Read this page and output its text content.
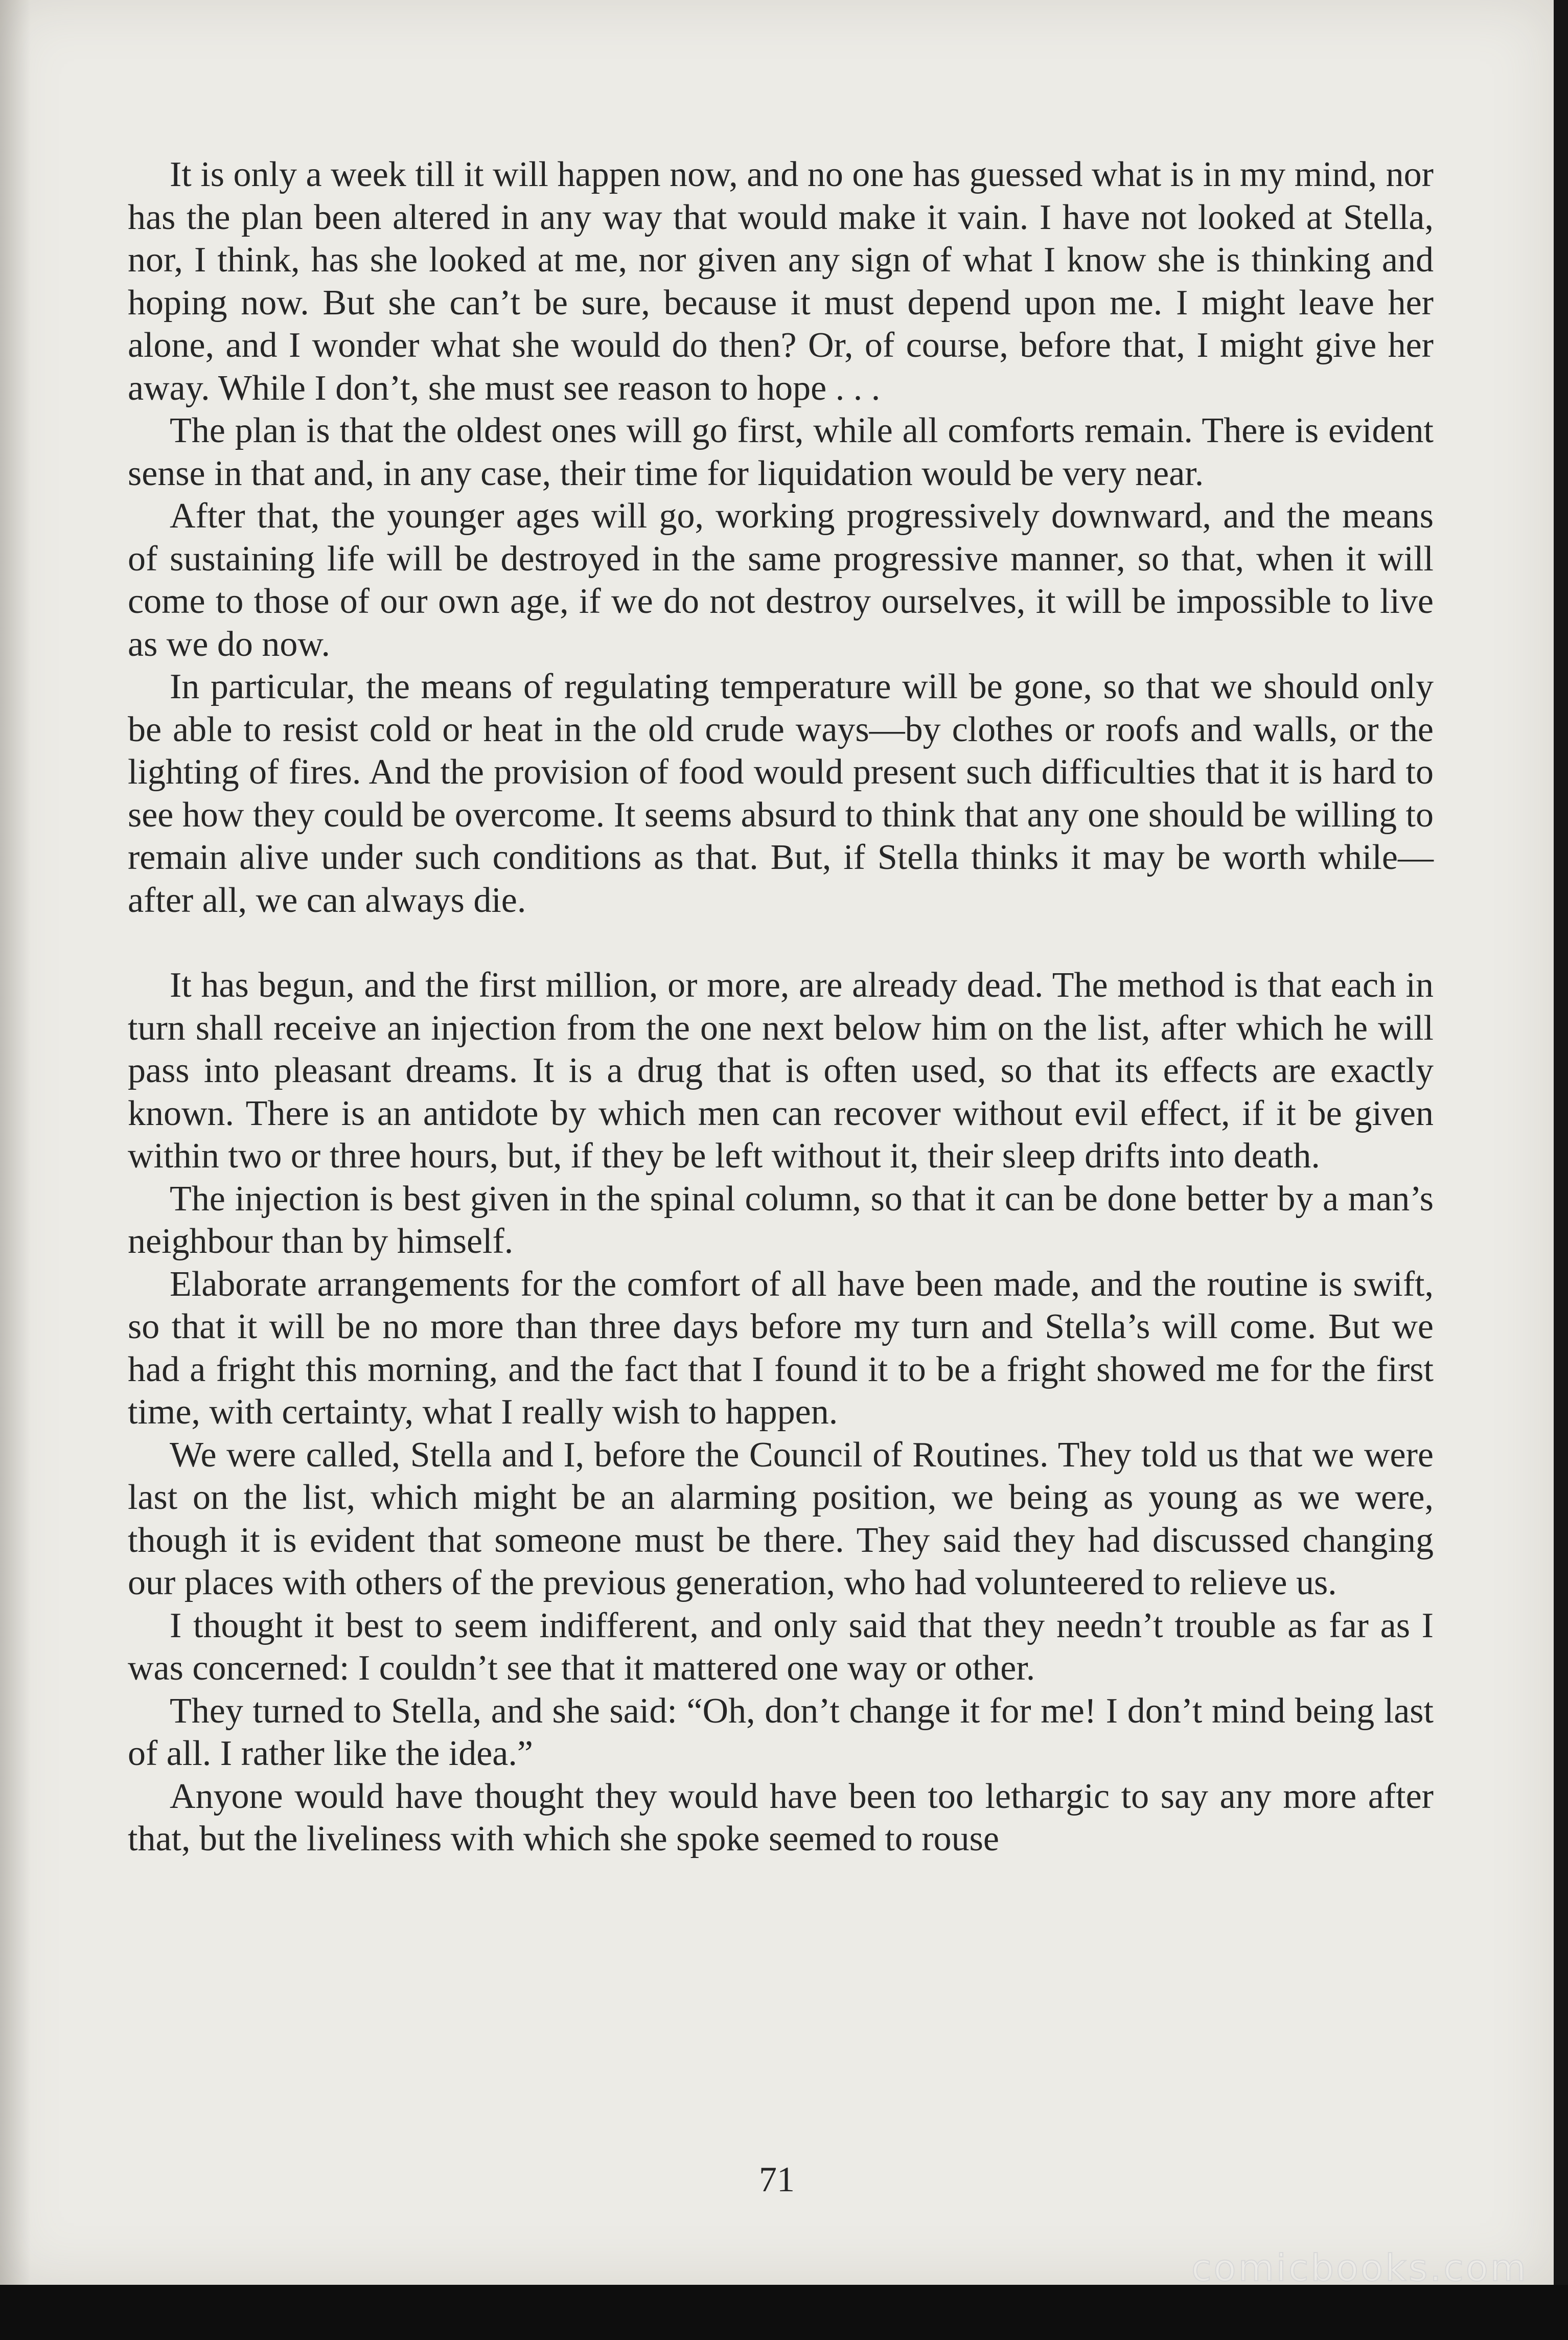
It is only a week till it will happen now, and no one has guessed what is in my mind, nor has the plan been altered in any way that would make it vain. I have not looked at Stella, nor, I think, has she looked at me, nor given any sign of what I know she is thinking and hoping now. But she can’t be sure, because it must depend upon me. I might leave her alone, and I wonder what she would do then? Or, of course, before that, I might give her away. While I don’t, she must see reason to hope . . .

The plan is that the oldest ones will go first, while all comforts remain. There is evident sense in that and, in any case, their time for liquidation would be very near.

After that, the younger ages will go, working progressively downward, and the means of sustaining life will be destroyed in the same progressive manner, so that, when it will come to those of our own age, if we do not destroy ourselves, it will be impossible to live as we do now.

In particular, the means of regulating temperature will be gone, so that we should only be able to resist cold or heat in the old crude ways—by clothes or roofs and walls, or the lighting of fires. And the provision of food would present such difficulties that it is hard to see how they could be overcome. It seems absurd to think that any one should be willing to remain alive under such conditions as that. But, if Stella thinks it may be worth while—after all, we can always die.

It has begun, and the first million, or more, are already dead. The method is that each in turn shall receive an injection from the one next below him on the list, after which he will pass into pleasant dreams. It is a drug that is often used, so that its effects are exactly known. There is an antidote by which men can recover without evil effect, if it be given within two or three hours, but, if they be left without it, their sleep drifts into death.

The injection is best given in the spinal column, so that it can be done better by a man’s neighbour than by himself.

Elaborate arrangements for the comfort of all have been made, and the routine is swift, so that it will be no more than three days before my turn and Stella’s will come. But we had a fright this morning, and the fact that I found it to be a fright showed me for the first time, with certainty, what I really wish to happen.

We were called, Stella and I, before the Council of Routines. They told us that we were last on the list, which might be an alarming position, we being as young as we were, though it is evident that someone must be there. They said they had discussed changing our places with others of the previous generation, who had volunteered to relieve us.

I thought it best to seem indifferent, and only said that they needn’t trouble as far as I was concerned: I couldn’t see that it mattered one way or other.

They turned to Stella, and she said: “Oh, don’t change it for me! I don’t mind being last of all. I rather like the idea.”

Anyone would have thought they would have been too lethargic to say any more after that, but the liveliness with which she spoke seemed to rouse

71
comicbooks.com
